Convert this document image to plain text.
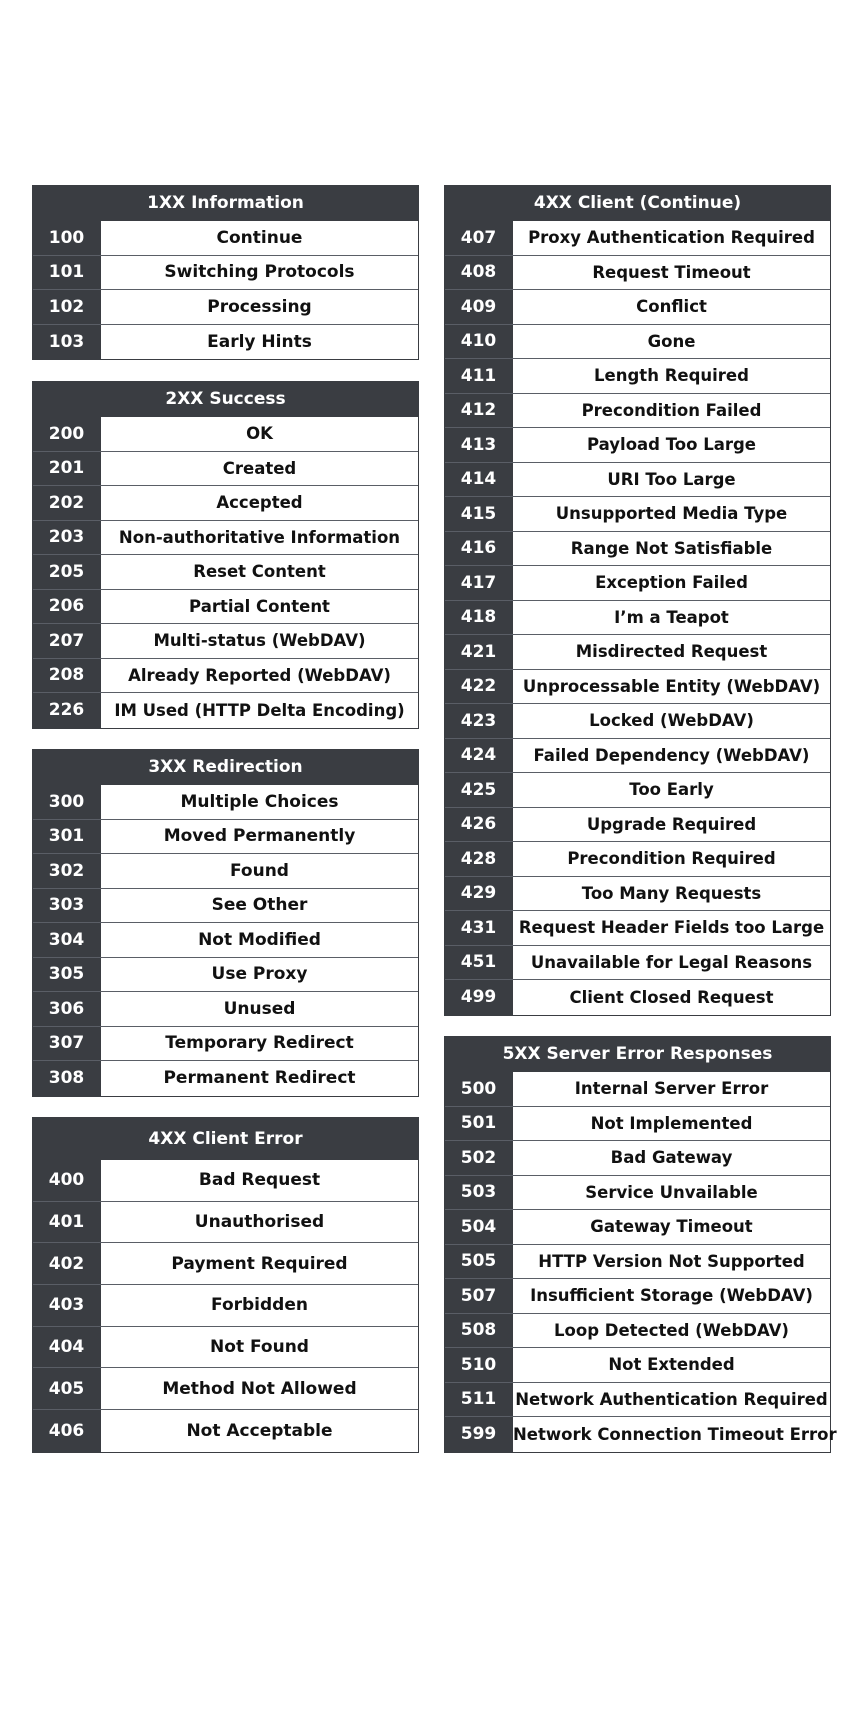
1XX Information
100	Continue
101	Switching Protocols
102	Processing
103	Early Hints
2XX Success
200	OK
201	Created
202	Accepted
203	Non-authoritative Information
205	Reset Content
206	Partial Content
207	Multi-status (WebDAV)
208	Already Reported (WebDAV)
226	IM Used (HTTP Delta Encoding)
3XX Redirection
300	Multiple Choices
301	Moved Permanently
302	Found
303	See Other
304	Not Modified
305	Use Proxy
306	Unused
307	Temporary Redirect
308	Permanent Redirect
4XX Client Error
400	Bad Request
401	Unauthorised
402	Payment Required
403	Forbidden
404	Not Found
405	Method Not Allowed
406	Not Acceptable
4XX Client (Continue)
407	Proxy Authentication Required
408	Request Timeout
409	Conflict
410	Gone
411	Length Required
412	Precondition Failed
413	Payload Too Large
414	URI Too Large
415	Unsupported Media Type
416	Range Not Satisfiable
417	Exception Failed
418	I’m a Teapot
421	Misdirected Request
422	Unprocessable Entity (WebDAV)
423	Locked (WebDAV)
424	Failed Dependency (WebDAV)
425	Too Early
426	Upgrade Required
428	Precondition Required
429	Too Many Requests
431	Request Header Fields too Large
451	Unavailable for Legal Reasons
499	Client Closed Request
5XX Server Error Responses
500	Internal Server Error
501	Not Implemented
502	Bad Gateway
503	Service Unvailable
504	Gateway Timeout
505	HTTP Version Not Supported
507	Insufficient Storage (WebDAV)
508	Loop Detected (WebDAV)
510	Not Extended
511	Network Authentication Required
599	Network Connection Timeout Error
